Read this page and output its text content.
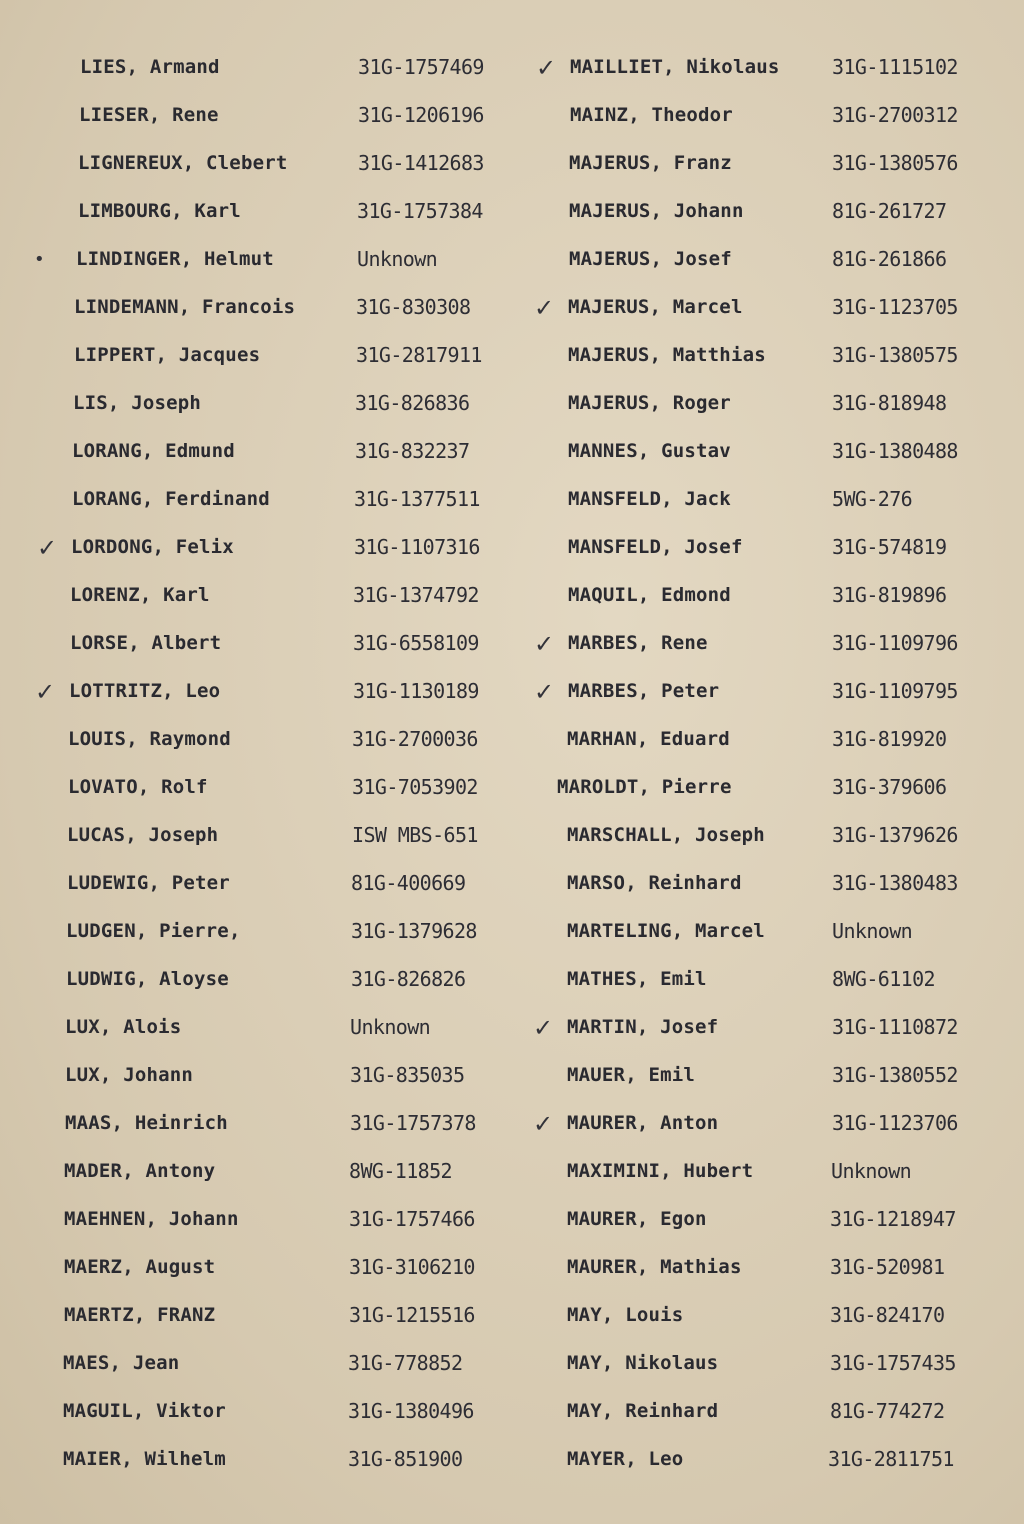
LIES, Armand	31G-1757469
LIESER, Rene	31G-1206196
LIGNEREUX, Clebert	31G-1412683
LIMBOURG, Karl	31G-1757384
• LINDINGER, Helmut	Unknown
LINDEMANN, Francois	31G-830308
LIPPERT, Jacques	31G-2817911
LIS, Joseph	31G-826836
LORANG, Edmund	31G-832237
LORANG, Ferdinand	31G-1377511
✓ LORDONG, Felix	31G-1107316
LORENZ, Karl	31G-1374792
LORSE, Albert	31G-6558109
✓ LOTTRITZ, Leo	31G-1130189
LOUIS, Raymond	31G-2700036
LOVATO, Rolf	31G-7053902
LUCAS, Joseph	ISW MBS-651
LUDEWIG, Peter	81G-400669
LUDGEN, Pierre,	31G-1379628
LUDWIG, Aloyse	31G-826826
LUX, Alois	Unknown
LUX, Johann	31G-835035
MAAS, Heinrich	31G-1757378
MADER, Antony	8WG-11852
MAEHNEN, Johann	31G-1757466
MAERZ, August	31G-3106210
MAERTZ, FRANZ	31G-1215516
MAES, Jean	31G-778852
MAGUIL, Viktor	31G-1380496
MAIER, Wilhelm	31G-851900
✓ MAILLIET, Nikolaus	31G-1115102
MAINZ, Theodor	31G-2700312
MAJERUS, Franz	31G-1380576
MAJERUS, Johann	81G-261727
MAJERUS, Josef	81G-261866
✓ MAJERUS, Marcel	31G-1123705
MAJERUS, Matthias	31G-1380575
MAJERUS, Roger	31G-818948
MANNES, Gustav	31G-1380488
MANSFELD, Jack	5WG-276
MANSFELD, Josef	31G-574819
MAQUIL, Edmond	31G-819896
✓ MARBES, Rene	31G-1109796
✓ MARBES, Peter	31G-1109795
MARHAN, Eduard	31G-819920
MAROLDT, Pierre	31G-379606
MARSCHALL, Joseph	31G-1379626
MARSO, Reinhard	31G-1380483
MARTELING, Marcel	Unknown
MATHES, Emil	8WG-61102
✓ MARTIN, Josef	31G-1110872
MAUER, Emil	31G-1380552
✓ MAURER, Anton	31G-1123706
MAXIMINI, Hubert	Unknown
MAURER, Egon	31G-1218947
MAURER, Mathias	31G-520981
MAY, Louis	31G-824170
MAY, Nikolaus	31G-1757435
MAY, Reinhard	81G-774272
MAYER, Leo	31G-2811751
